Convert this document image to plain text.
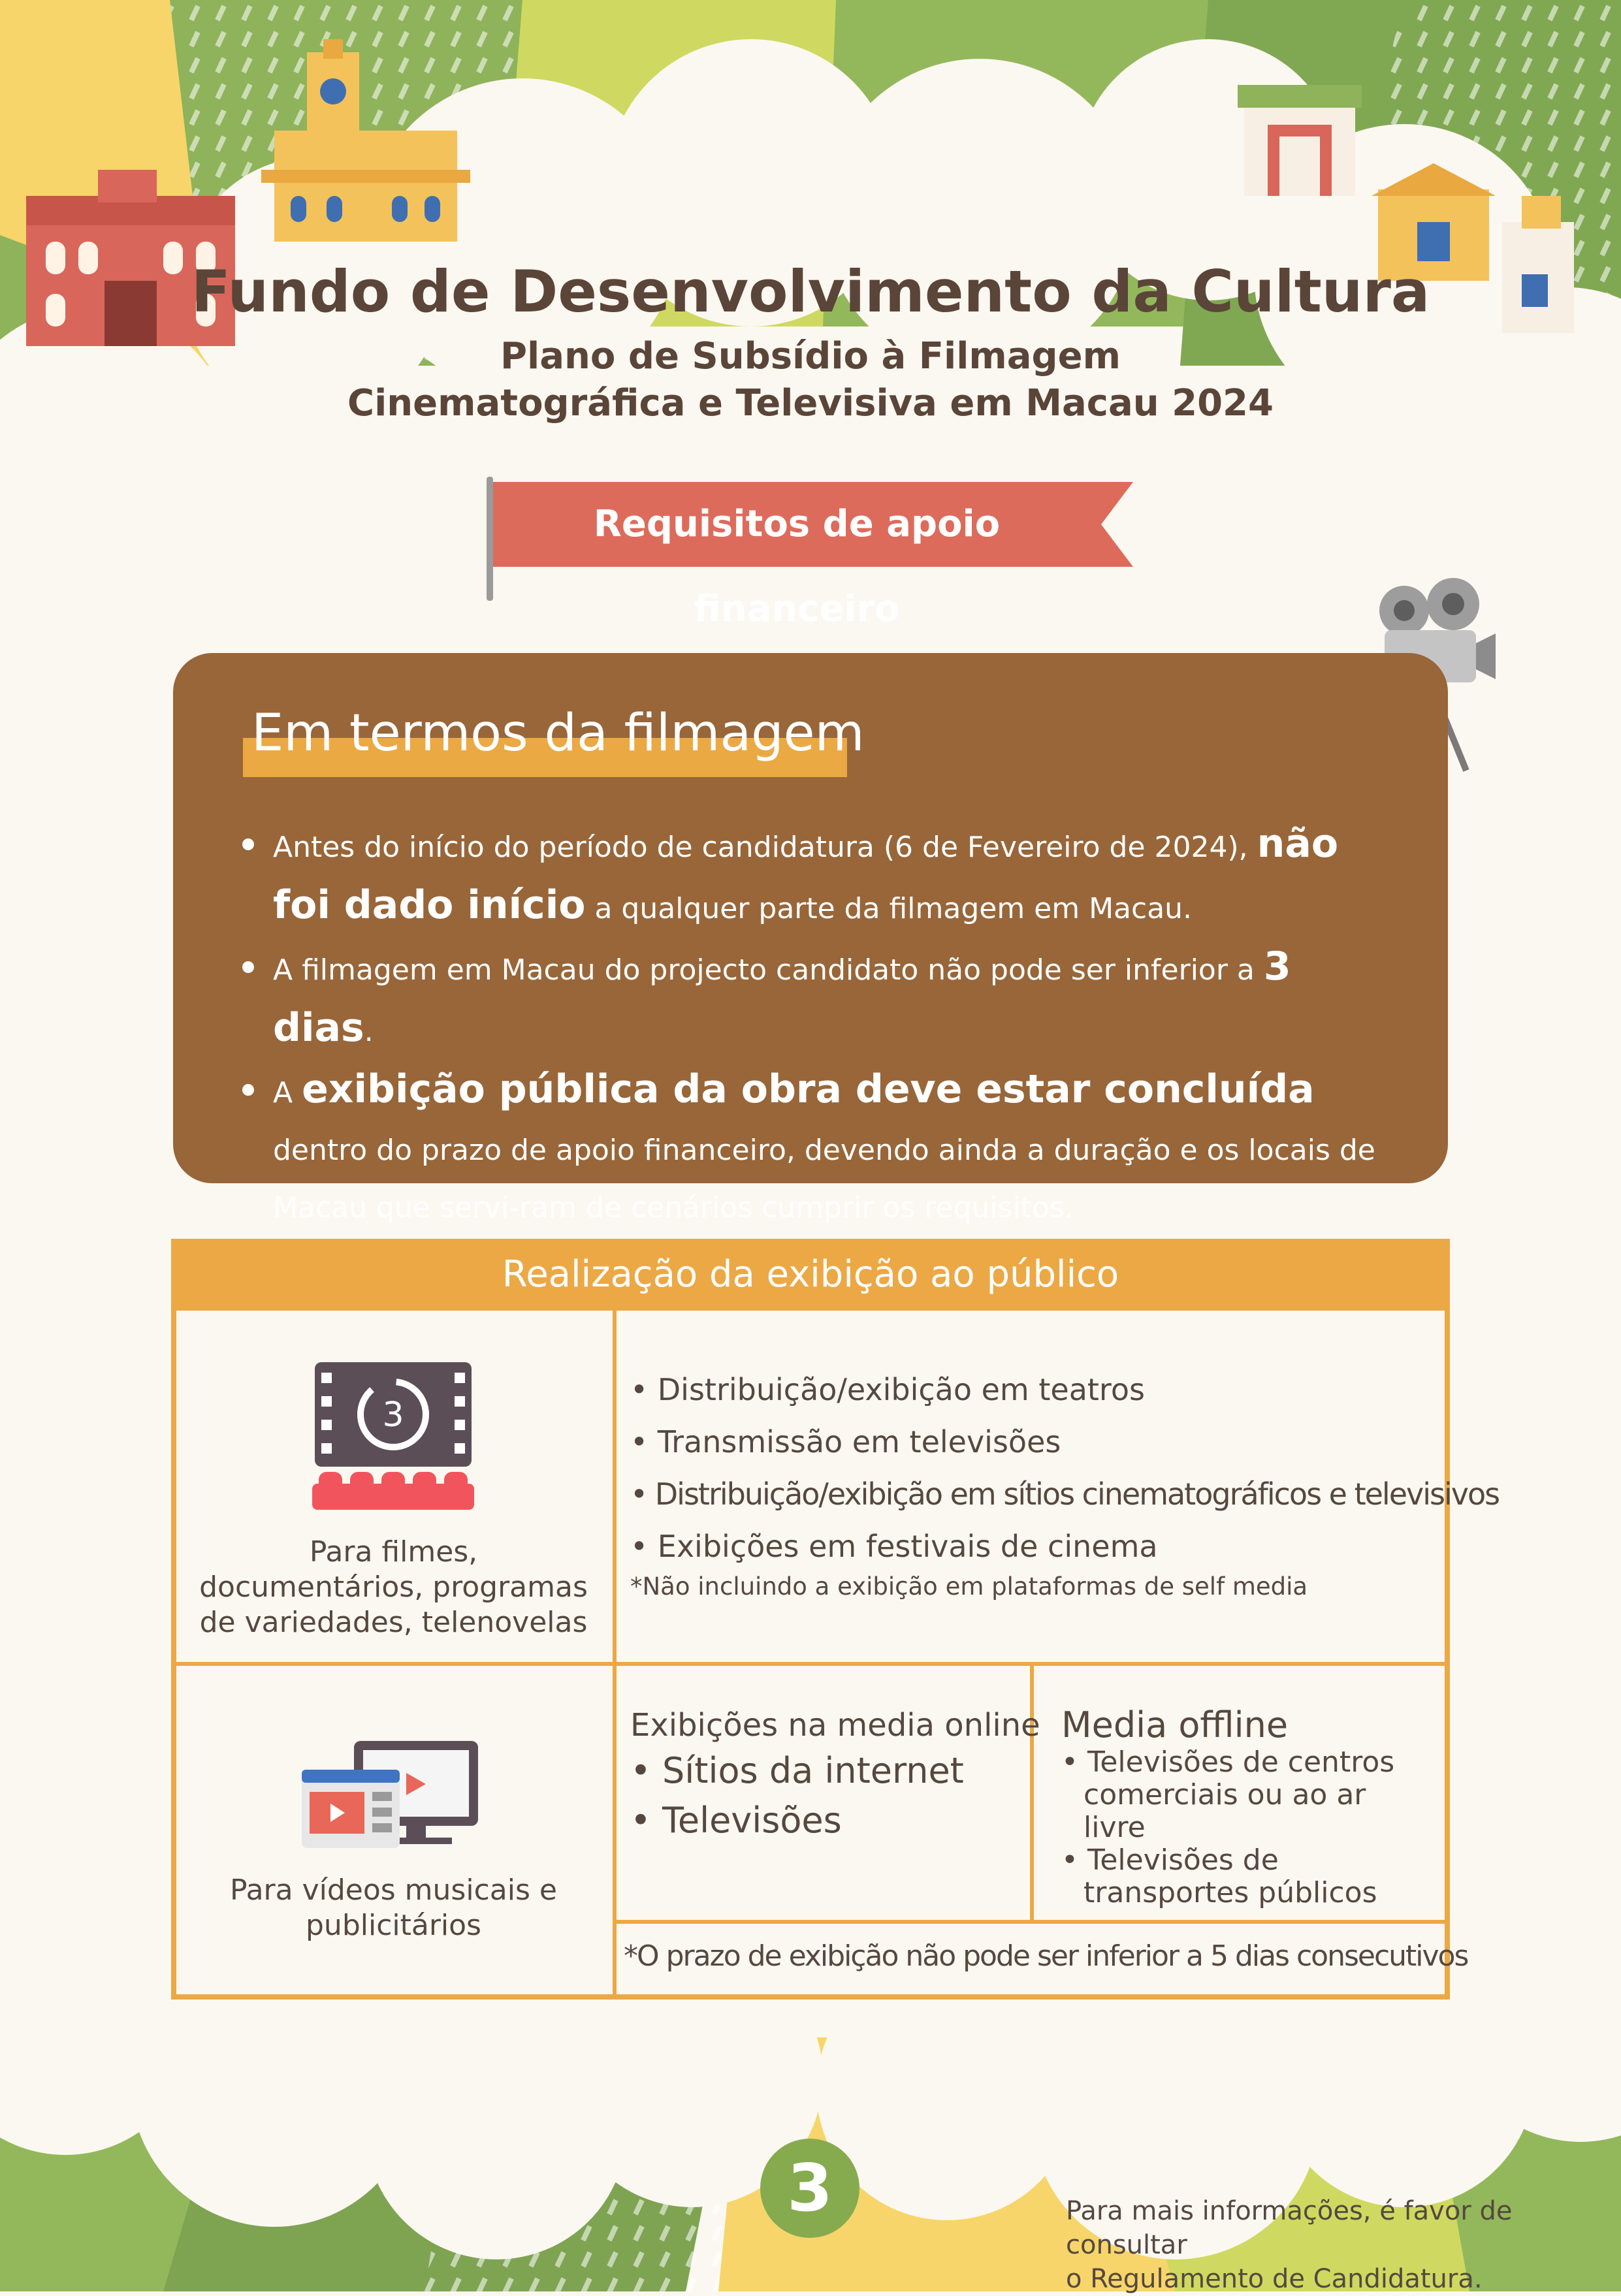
Fundo de Desenvolvimento da Cultura
Plano de Subsídio à Filmagem
Cinematográfica e Televisiva em Macau 2024
Requisitos de apoio financeiro
Em termos da filmagem
Antes do início do período de candidatura (6 de Fevereiro de 2024), não foi dado início a qualquer parte da filmagem em Macau.
A filmagem em Macau do projecto candidato não pode ser inferior a 3 dias.
A exibição pública da obra deve estar concluída dentro do prazo de apoio financeiro, devendo ainda a duração e os locais de Macau que servi-ram de cenários cumprir os requisitos.
Realização da exibição ao público
3
Para filmes, documentários, programas de variedades, telenovelas
• Distribuição/exibição em teatros
• Transmissão em televisões
• Distribuição/exibição em sítios cinematográficos e televisivos
• Exibições em festivais de cinema
*Não incluindo a exibição em plataformas de self media
Para vídeos musicais e publicitários
Exibições na media online
• Sítios da internet
• Televisões
Media offline
• Televisões de centros comerciais ou ao ar livre
• Televisões de transportes públicos
*O prazo de exibição não pode ser inferior a 5 dias consecutivos
3	Para mais informações, é favor de consultar
o Regulamento de Candidatura.
